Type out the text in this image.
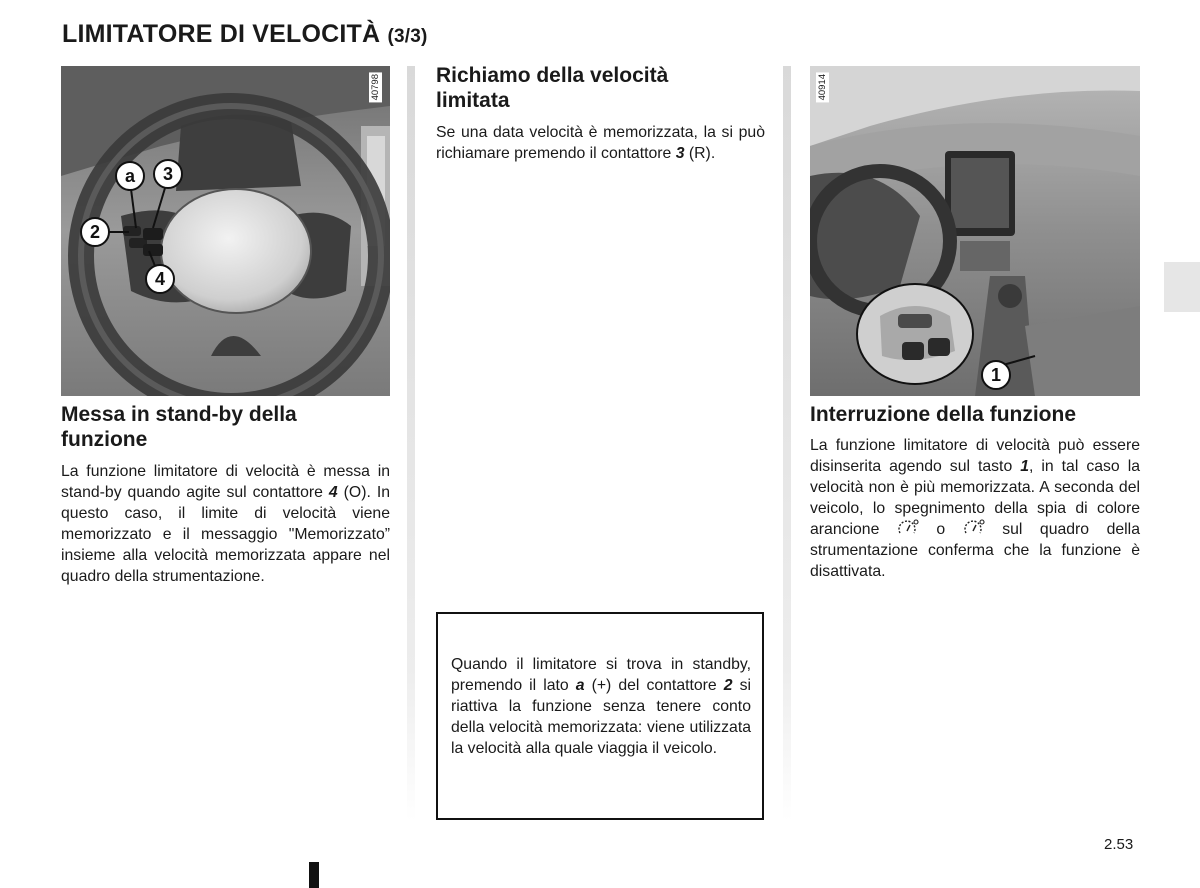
LIMITATORE DI VELOCITÀ (3/3)
40798
a	3
2
4
Messa in stand-by della
funzione

La funzione limitatore di velocità è messa in stand-by quando agite sul contattore 4 (O). In questo caso, il limite di velocità viene memorizzato e il messaggio "Memorizzato” insieme alla velocità memorizzata appare nel quadro della strumentazione.

Richiamo della velocità
limitata

Se una data velocità è memorizzata, la si può richiamare premendo il contattore 3 (R).

Quando il limitatore si trova in standby, premendo il lato a (+) del contattore 2 si riattiva la funzione senza tenere conto della velocità memorizzata: viene utilizzata la velocità alla quale viaggia il veicolo.

40914
1
Interruzione della funzione

La funzione limitatore di velocità può essere disinserita agendo sul tasto 1, in tal caso la velocità non è più memorizzata. A seconda del veicolo, lo spegnimento della spia di colore arancione  o  sul quadro della strumentazione conferma che la funzione è disattivata.

2.53
